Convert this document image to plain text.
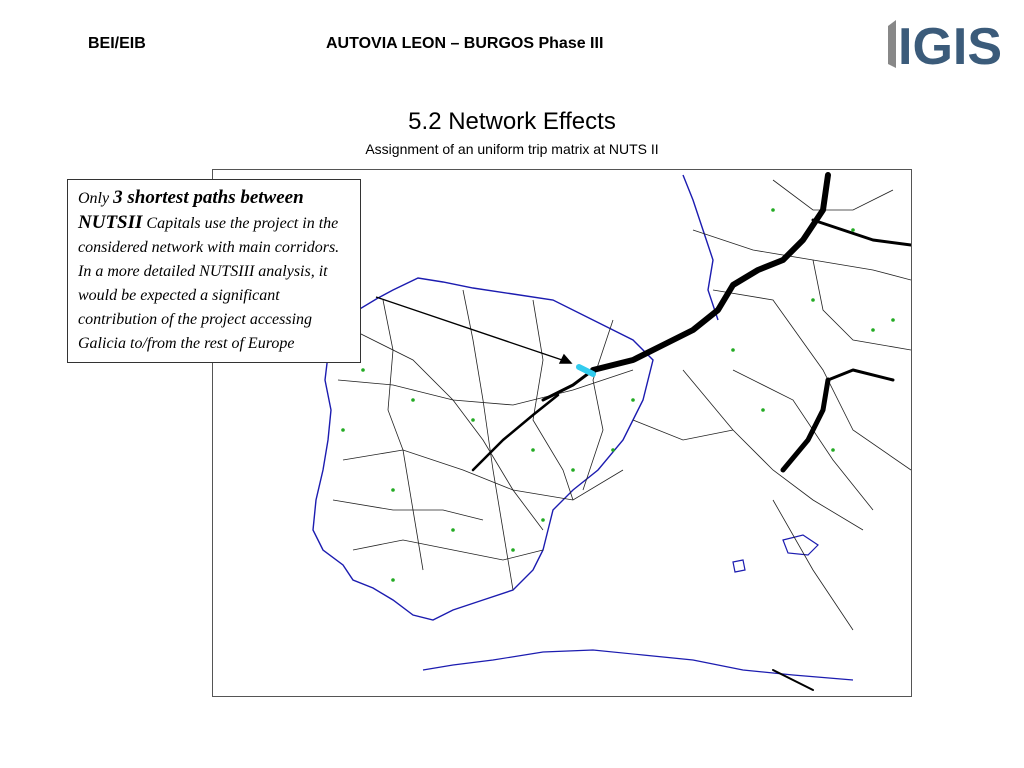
BEI/EIB	AUTOVIA LEON – BURGOS Phase III	IGIS
5.2 Network Effects
Assignment of an uniform trip matrix at NUTS II
Only 3 shortest paths between NUTSII Capitals use the project in the considered network with main corridors.
In a more detailed NUTSIII analysis, it would be expected a significant contribution of the project accessing Galicia to/from the rest of Europe
